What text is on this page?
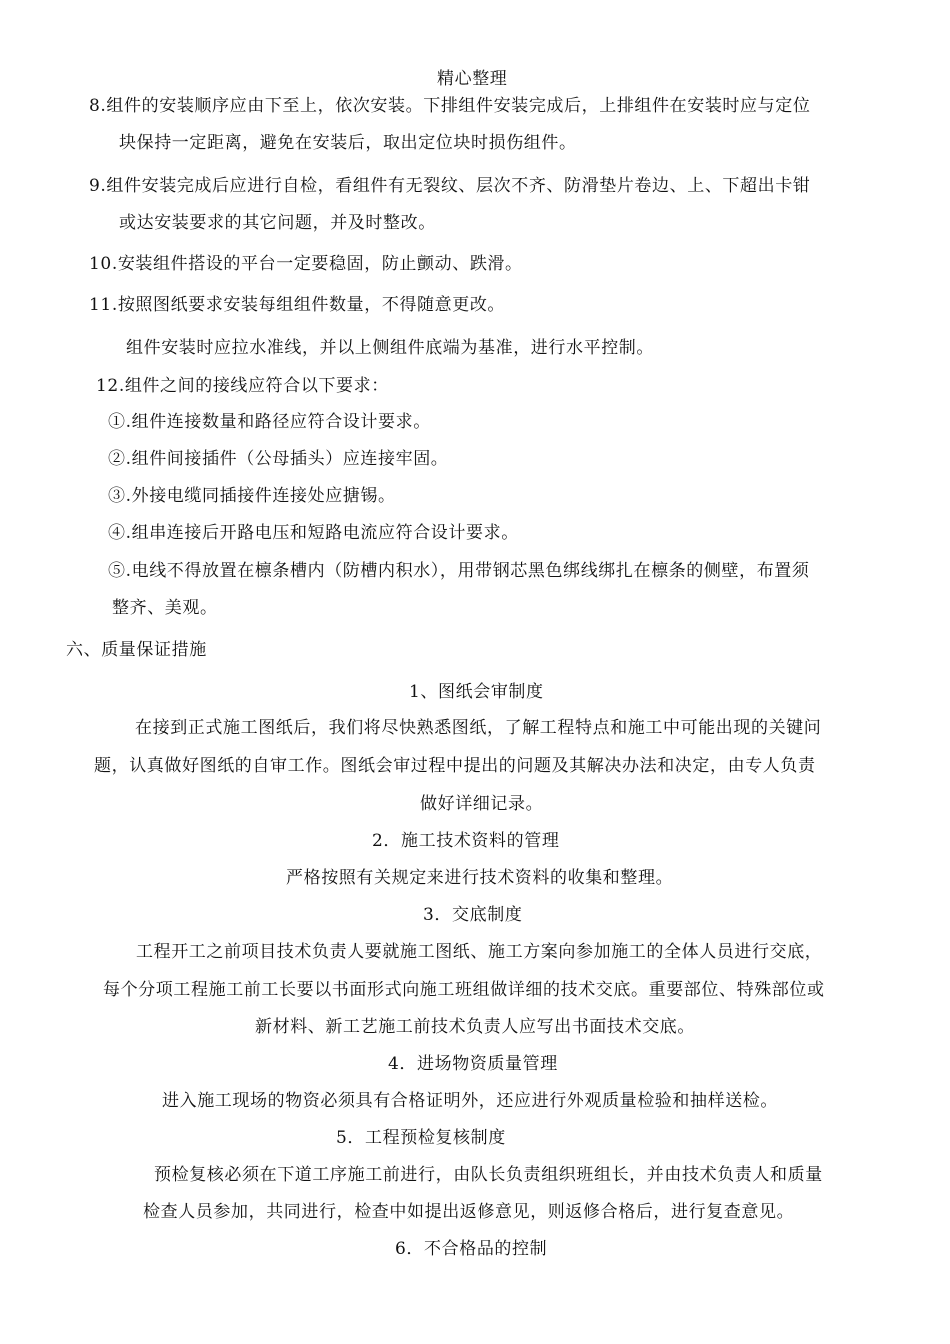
精心整理
8.组件的安装顺序应由下至上，依次安装。下排组件安装完成后，上排组件在安装时应与定位
块保持一定距离，避免在安装后，取出定位块时损伤组件。
9.组件安装完成后应进行自检，看组件有无裂纹、层次不齐、防滑垫片卷边、上、下超出卡钳
或达安装要求的其它问题，并及时整改。
10.安装组件搭设的平台一定要稳固，防止颤动、跌滑。
11.按照图纸要求安装每组组件数量，不得随意更改。
组件安装时应拉水准线，并以上侧组件底端为基准，进行水平控制。
12.组件之间的接线应符合以下要求：
①.组件连接数量和路径应符合设计要求。
②.组件间接插件（公母插头）应连接牢固。
③.外接电缆同插接件连接处应搪锡。
④.组串连接后开路电压和短路电流应符合设计要求。
⑤.电线不得放置在檩条槽内（防槽内积水），用带钢芯黑色绑线绑扎在檩条的侧壁，布置须
整齐、美观。
六、质量保证措施
1、图纸会审制度
在接到正式施工图纸后，我们将尽快熟悉图纸，了解工程特点和施工中可能出现的关键问
题，认真做好图纸的自审工作。图纸会审过程中提出的问题及其解决办法和决定，由专人负责
做好详细记录。
2．施工技术资料的管理
严格按照有关规定来进行技术资料的收集和整理。
3．交底制度
工程开工之前项目技术负责人要就施工图纸、施工方案向参加施工的全体人员进行交底，
每个分项工程施工前工长要以书面形式向施工班组做详细的技术交底。重要部位、特殊部位或
新材料、新工艺施工前技术负责人应写出书面技术交底。
4．进场物资质量管理
进入施工现场的物资必须具有合格证明外，还应进行外观质量检验和抽样送检。
5．工程预检复核制度
预检复核必须在下道工序施工前进行，由队长负责组织班组长，并由技术负责人和质量
检查人员参加，共同进行，检查中如提出返修意见，则返修合格后，进行复查意见。
6．不合格品的控制
